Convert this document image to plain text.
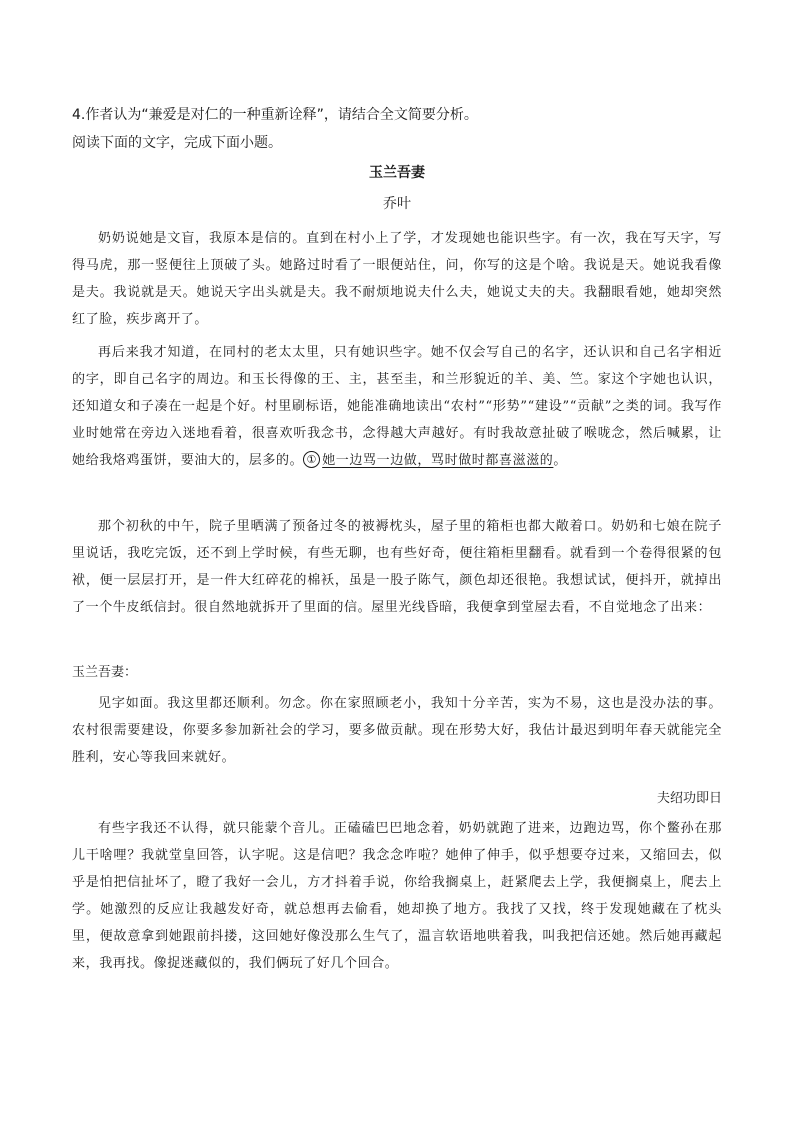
4.作者认为“兼爱是对仁的一种重新诠释”，请结合全文简要分析。
阅读下面的文字，完成下面小题。
玉兰吾妻
乔叶

奶奶说她是文盲，我原本是信的。直到在村小上了学，才发现她也能识些字。有一次，我在写天字，写得马虎，那一竖便往上顶破了头。她路过时看了一眼便站住，问，你写的这是个啥。我说是天。她说我看像是夫。我说就是天。她说天字出头就是夫。我不耐烦地说夫什么夫，她说丈夫的夫。我翻眼看她，她却突然红了脸，疾步离开了。

再后来我才知道，在同村的老太太里，只有她识些字。她不仅会写自己的名字，还认识和自己名字相近的字，即自己名字的周边。和玉长得像的王、主，甚至圭，和兰形貌近的羊、美、竺。家这个字她也认识，还知道女和子凑在一起是个好。村里刷标语，她能准确地读出“农村”“形势”“建设”“贡献”之类的词。我写作业时她常在旁边入迷地看着，很喜欢听我念书，念得越大声越好。有时我故意扯破了喉咙念，然后喊累，让她给我烙鸡蛋饼，要油大的，层多的。 ① 她一边骂一边做，骂时做时都喜滋滋的。

那个初秋的中午，院子里晒满了预备过冬的被褥枕头，屋子里的箱柜也都大敞着口。奶奶和七娘在院子里说话，我吃完饭，还不到上学时候，有些无聊，也有些好奇，便往箱柜里翻看。就看到一个卷得很紧的包袱，便一层层打开，是一件大红碎花的棉袄，虽是一股子陈气，颜色却还很艳。我想试试，便抖开，就掉出了一个牛皮纸信封。很自然地就拆开了里面的信。屋里光线昏暗，我便拿到堂屋去看，不自觉地念了出来：

玉兰吾妻：

见字如面。我这里都还顺利。勿念。你在家照顾老小，我知十分辛苦，实为不易，这也是没办法的事。农村很需要建设，你要多参加新社会的学习，要多做贡献。现在形势大好，我估计最迟到明年春天就能完全胜利，安心等我回来就好。

夫绍功即日

有些字我还不认得，就只能蒙个音儿。正磕磕巴巴地念着，奶奶就跑了进来，边跑边骂，你个鳖孙在那儿干啥哩？我就堂皇回答，认字呢。这是信吧？我念念咋啦？她伸了伸手，似乎想要夺过来，又缩回去，似乎是怕把信扯坏了，瞪了我好一会儿，方才抖着手说，你给我搁桌上，赶紧爬去上学，我便搁桌上，爬去上学。她激烈的反应让我越发好奇，就总想再去偷看，她却换了地方。我找了又找，终于发现她藏在了枕头里，便故意拿到她跟前抖搂，这回她好像没那么生气了，温言软语地哄着我，叫我把信还她。然后她再藏起来，我再找。像捉迷藏似的，我们俩玩了好几个回合。
